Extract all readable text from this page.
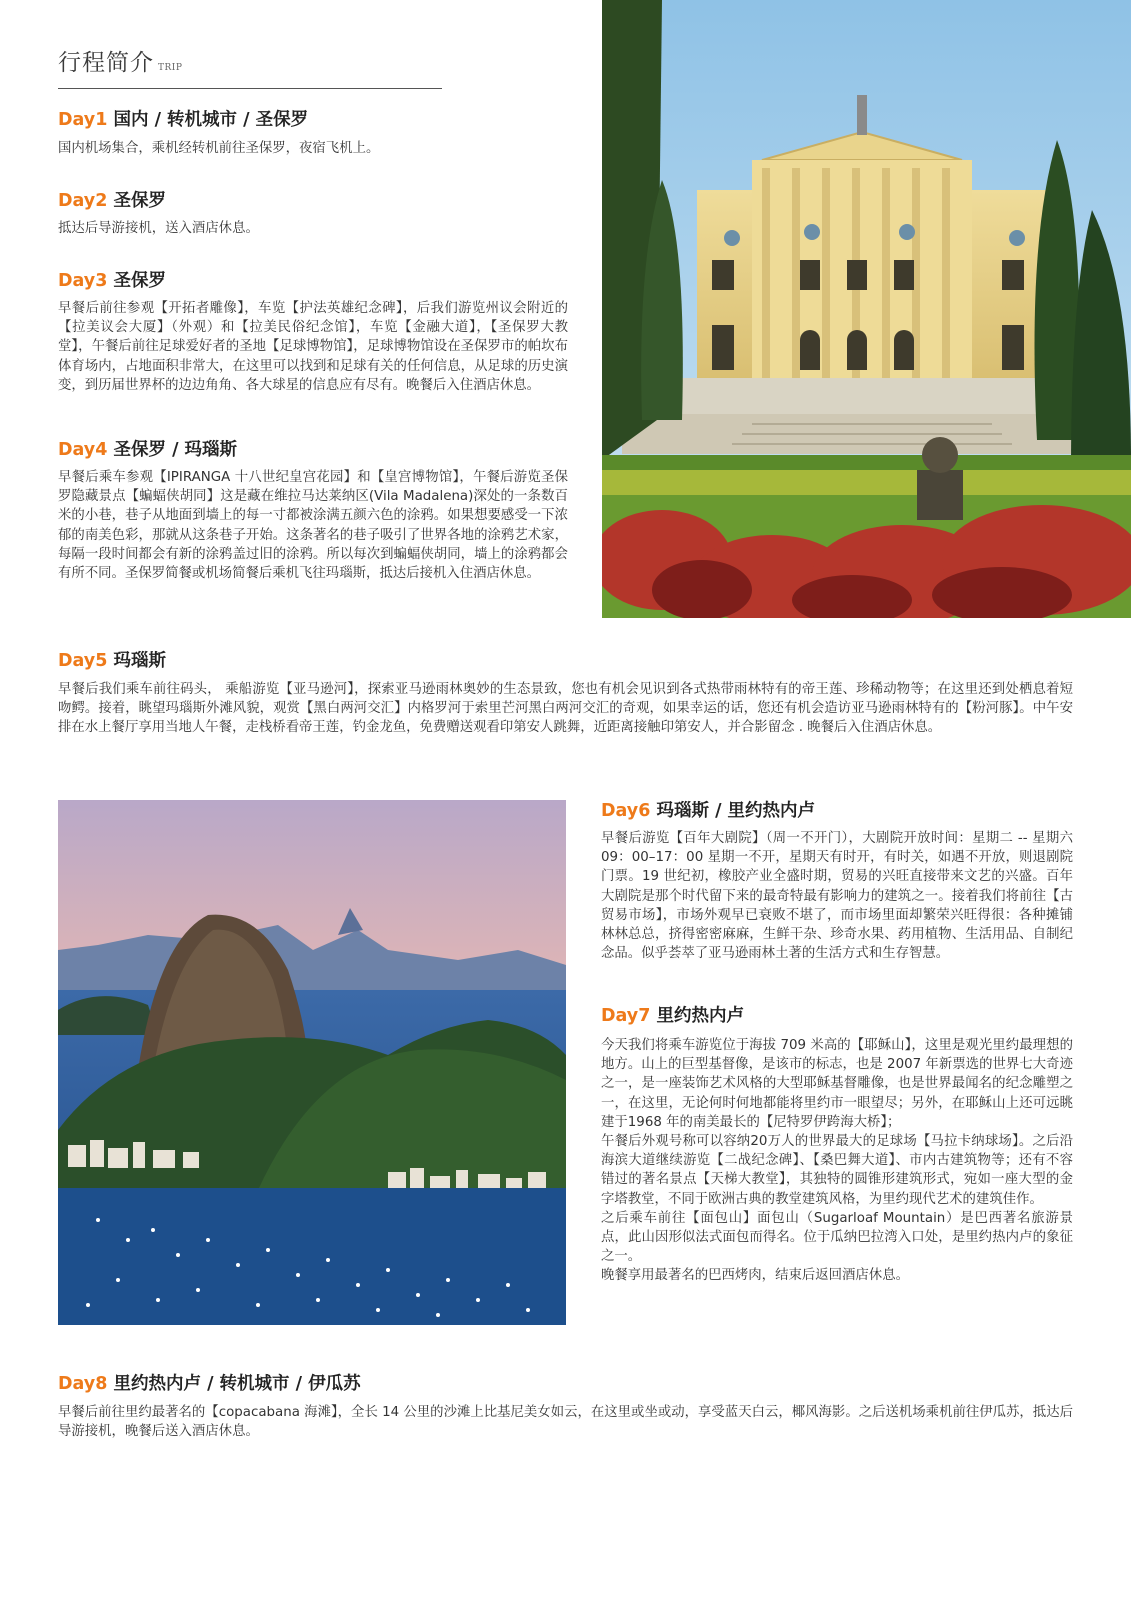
行程简介 TRIP
Day1 国内 / 转机城市 / 圣保罗

国内机场集合，乘机经转机前往圣保罗，夜宿飞机上。

Day2 圣保罗

抵达后导游接机，送入酒店休息。

Day3 圣保罗

早餐后前往参观【开拓者雕像】，车览【护法英雄纪念碑】，后我们游览州议会附近的【拉美议会大厦】（外观）和【拉美民俗纪念馆】，车览【金融大道】，【圣保罗大教堂】，午餐后前往足球爱好者的圣地【足球博物馆】，足球博物馆设在圣保罗市的帕坎布体育场内，占地面积非常大，在这里可以找到和足球有关的任何信息，从足球的历史演变，到历届世界杯的边边角角、各大球星的信息应有尽有。晚餐后入住酒店休息。

Day4 圣保罗 / 玛瑙斯

早餐后乘车参观【IPIRANGA 十八世纪皇宫花园】和【皇宫博物馆】，午餐后游览圣保罗隐藏景点【蝙蝠侠胡同】这是藏在维拉马达莱纳区(Vila Madalena)深处的一条数百米的小巷，巷子从地面到墙上的每一寸都被涂满五颜六色的涂鸦。如果想要感受一下浓郁的南美色彩，那就从这条巷子开始。这条著名的巷子吸引了世界各地的涂鸦艺术家，每隔一段时间都会有新的涂鸦盖过旧的涂鸦。所以每次到蝙蝠侠胡同，墙上的涂鸦都会有所不同。圣保罗简餐或机场简餐后乘机飞往玛瑙斯，抵达后接机入住酒店休息。

Day5 玛瑙斯

早餐后我们乘车前往码头， 乘船游览【亚马逊河】，探索亚马逊雨林奥妙的生态景致，您也有机会见识到各式热带雨林特有的帝王莲、珍稀动物等；在这里还到处栖息着短吻鳄。接着，眺望玛瑙斯外滩风貌，观赏【黑白两河交汇】内格罗河于索里芒河黑白两河交汇的奇观，如果幸运的话，您还有机会造访亚马逊雨林特有的【粉河豚】。中午安排在水上餐厅享用当地人午餐，走栈桥看帝王莲，钓金龙鱼，免费赠送观看印第安人跳舞，近距离接触印第安人，并合影留念 . 晚餐后入住酒店休息。

Day6 玛瑙斯 / 里约热内卢

早餐后游览【百年大剧院】（周一不开门），大剧院开放时间：星期二 -- 星期六 09：00–17：00 星期一不开，星期天有时开，有时关，如遇不开放，则退剧院门票。19 世纪初，橡胶产业全盛时期，贸易的兴旺直接带来文艺的兴盛。百年大剧院是那个时代留下来的最奇特最有影响力的建筑之一。接着我们将前往【古贸易市场】，市场外观早已衰败不堪了，而市场里面却繁荣兴旺得很：各种摊铺林林总总，挤得密密麻麻，生鲜干杂、珍奇水果、药用植物、生活用品、自制纪念品。似乎荟萃了亚马逊雨林土著的生活方式和生存智慧。

Day7 里约热内卢

今天我们将乘车游览位于海拔 709 米高的【耶稣山】，这里是观光里约最理想的地方。山上的巨型基督像，是该市的标志，也是 2007 年新票选的世界七大奇迹之一，是一座装饰艺术风格的大型耶稣基督雕像，也是世界最闻名的纪念雕塑之一，在这里，无论何时何地都能将里约市一眼望尽；另外，在耶稣山上还可远眺建于1968 年的南美最长的【尼特罗伊跨海大桥】；

午餐后外观号称可以容纳20万人的世界最大的足球场【马拉卡纳球场】。之后沿海滨大道继续游览【二战纪念碑】、【桑巴舞大道】、市内古建筑物等；还有不容错过的著名景点【天梯大教堂】，其独特的圆锥形建筑形式，宛如一座大型的金字塔教堂，不同于欧洲古典的教堂建筑风格，为里约现代艺术的建筑佳作。

之后乘车前往【面包山】面包山（Sugarloaf Mountain）是巴西著名旅游景点，此山因形似法式面包而得名。位于瓜纳巴拉湾入口处，是里约热内卢的象征之一。

晚餐享用最著名的巴西烤肉，结束后返回酒店休息。

Day8 里约热内卢 / 转机城市 / 伊瓜苏

早餐后前往里约最著名的【copacabana 海滩】，全长 14 公里的沙滩上比基尼美女如云，在这里或坐或动，享受蓝天白云，椰风海影。之后送机场乘机前往伊瓜苏，抵达后导游接机，晚餐后送入酒店休息。
